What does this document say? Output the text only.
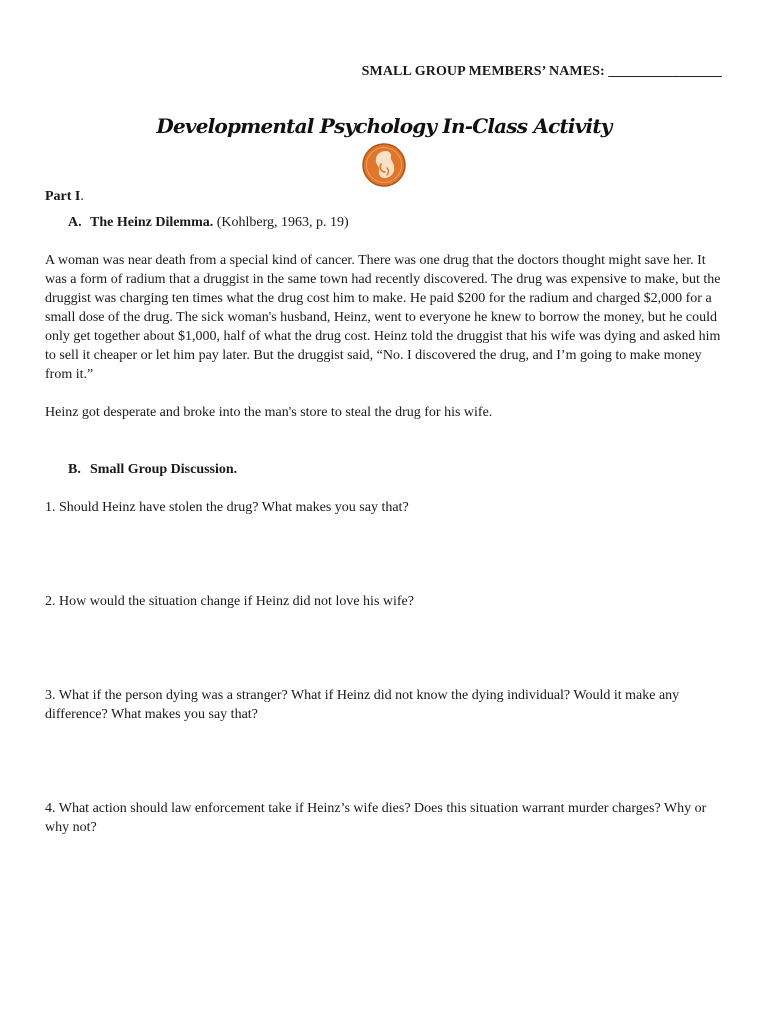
SMALL GROUP MEMBERS’ NAMES: ________________
Developmental Psychology In-Class Activity

Part I.

A. The Heinz Dilemma. (Kohlberg, 1963, p. 19)

A woman was near death from a special kind of cancer. There was one drug that the doctors thought might save her. It was a form of radium that a druggist in the same town had recently discovered. The drug was expensive to make, but the druggist was charging ten times what the drug cost him to make. He paid $200 for the radium and charged $2,000 for a small dose of the drug. The sick woman's husband, Heinz, went to everyone he knew to borrow the money, but he could only get together about $1,000, half of what the drug cost. Heinz told the druggist that his wife was dying and asked him to sell it cheaper or let him pay later. But the druggist said, “No. I discovered the drug, and I’m going to make money from it.”

Heinz got desperate and broke into the man's store to steal the drug for his wife.

B. Small Group Discussion.

1. Should Heinz have stolen the drug? What makes you say that?

2. How would the situation change if Heinz did not love his wife?

3. What if the person dying was a stranger? What if Heinz did not know the dying individual? Would it make any difference? What makes you say that?

4. What action should law enforcement take if Heinz’s wife dies? Does this situation warrant murder charges? Why or why not?
